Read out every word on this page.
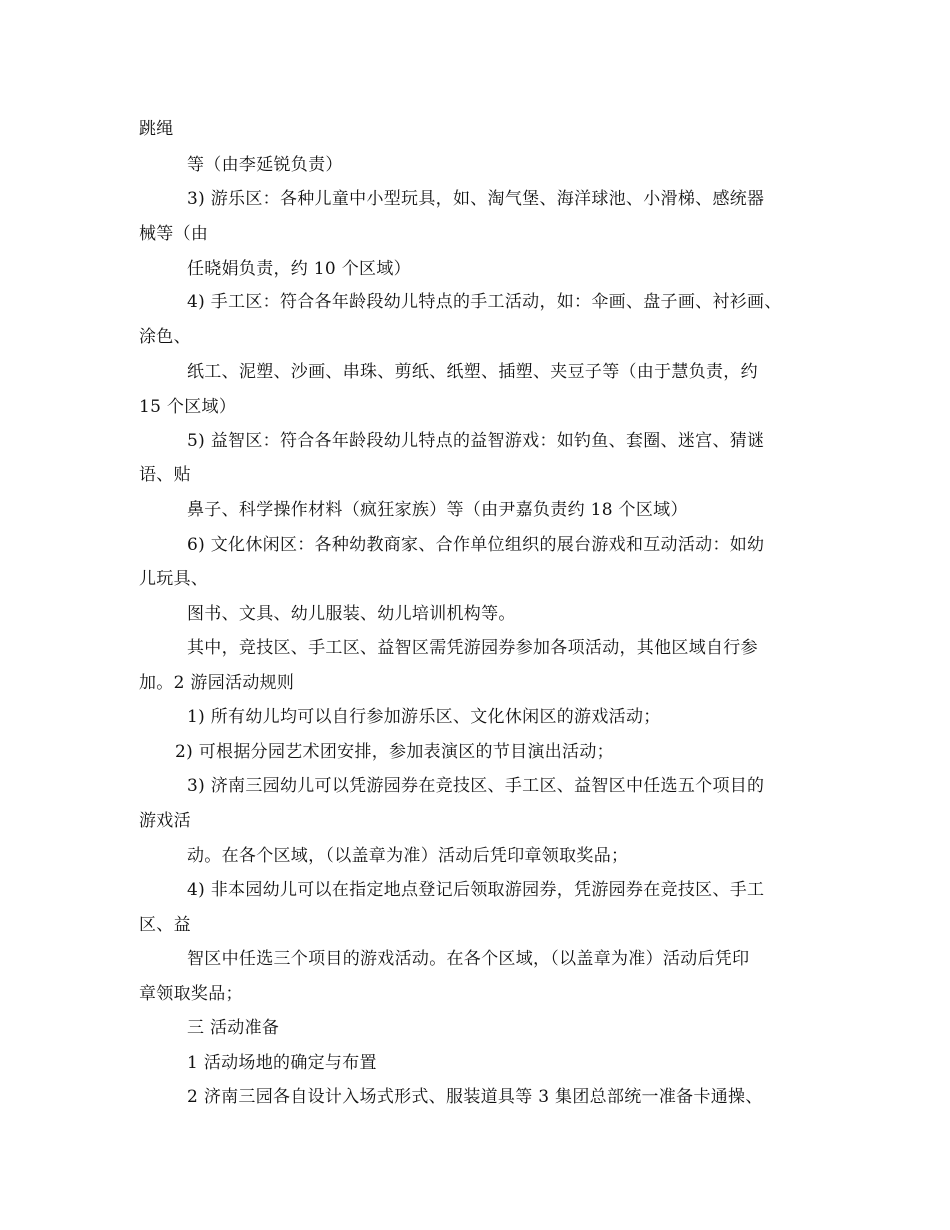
跳绳
等（由李延锐负责）
3) 游乐区：各种儿童中小型玩具，如、淘气堡、海洋球池、小滑梯、感统器
械等（由
任晓娟负责，约 10 个区域）
4) 手工区：符合各年龄段幼儿特点的手工活动，如：伞画、盘子画、衬衫画、
涂色、
纸工、泥塑、沙画、串珠、剪纸、纸塑、插塑、夹豆子等（由于慧负责，约
15 个区域）
5) 益智区：符合各年龄段幼儿特点的益智游戏：如钓鱼、套圈、迷宫、猜谜
语、贴
鼻子、科学操作材料（疯狂家族）等（由尹嘉负责约 18 个区域）
6) 文化休闲区：各种幼教商家、合作单位组织的展台游戏和互动活动：如幼
儿玩具、
图书、文具、幼儿服装、幼儿培训机构等。
其中，竞技区、手工区、益智区需凭游园券参加各项活动，其他区域自行参
加。2 游园活动规则
1) 所有幼儿均可以自行参加游乐区、文化休闲区的游戏活动；
2) 可根据分园艺术团安排，参加表演区的节目演出活动；
3) 济南三园幼儿可以凭游园券在竞技区、手工区、益智区中任选五个项目的
游戏活
动。在各个区域，（以盖章为准）活动后凭印章领取奖品；
4) 非本园幼儿可以在指定地点登记后领取游园券，凭游园券在竞技区、手工
区、益
智区中任选三个项目的游戏活动。在各个区域，（以盖章为准）活动后凭印
章领取奖品；
三 活动准备
1 活动场地的确定与布置
2 济南三园各自设计入场式形式、服装道具等 3 集团总部统一准备卡通操、
